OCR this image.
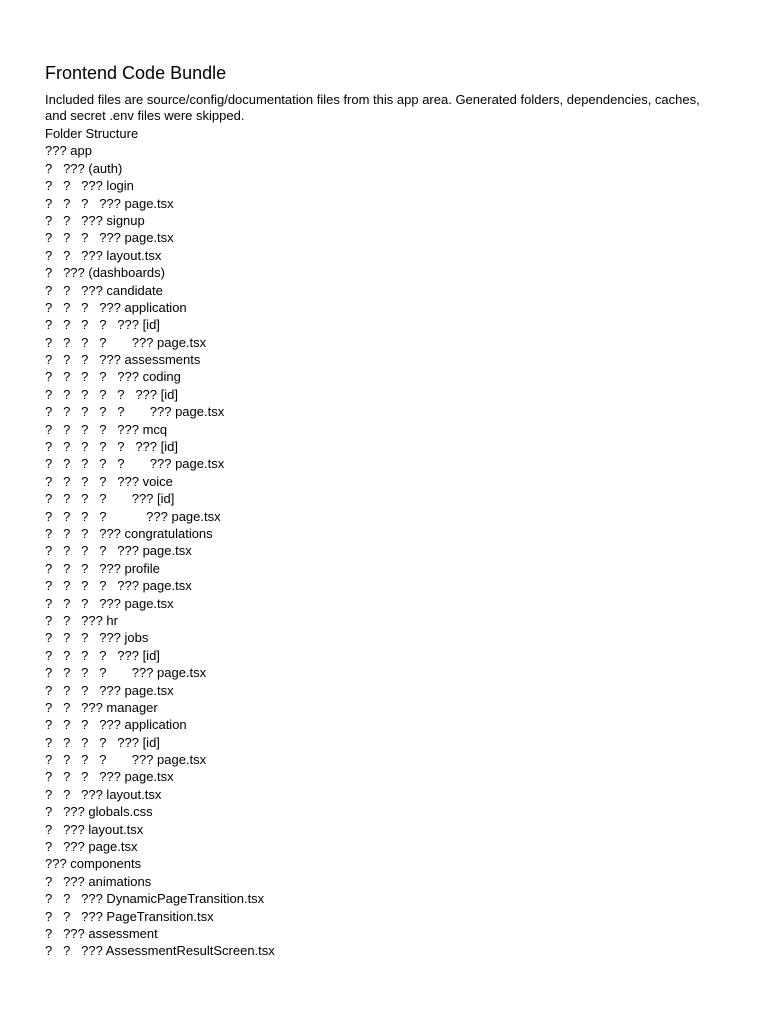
Frontend Code Bundle

Included files are source/config/documentation files from this app area. Generated folders, dependencies, caches, and secret .env files were skipped.

Folder Structure
??? app
?   ??? (auth)
?   ?   ??? login
?   ?   ?   ??? page.tsx
?   ?   ??? signup
?   ?   ?   ??? page.tsx
?   ?   ??? layout.tsx
?   ??? (dashboards)
?   ?   ??? candidate
?   ?   ?   ??? application
?   ?   ?   ?   ??? [id]
?   ?   ?   ?       ??? page.tsx
?   ?   ?   ??? assessments
?   ?   ?   ?   ??? coding
?   ?   ?   ?   ?   ??? [id]
?   ?   ?   ?   ?       ??? page.tsx
?   ?   ?   ?   ??? mcq
?   ?   ?   ?   ?   ??? [id]
?   ?   ?   ?   ?       ??? page.tsx
?   ?   ?   ?   ??? voice
?   ?   ?   ?       ??? [id]
?   ?   ?   ?           ??? page.tsx
?   ?   ?   ??? congratulations
?   ?   ?   ?   ??? page.tsx
?   ?   ?   ??? profile
?   ?   ?   ?   ??? page.tsx
?   ?   ?   ??? page.tsx
?   ?   ??? hr
?   ?   ?   ??? jobs
?   ?   ?   ?   ??? [id]
?   ?   ?   ?       ??? page.tsx
?   ?   ?   ??? page.tsx
?   ?   ??? manager
?   ?   ?   ??? application
?   ?   ?   ?   ??? [id]
?   ?   ?   ?       ??? page.tsx
?   ?   ?   ??? page.tsx
?   ?   ??? layout.tsx
?   ??? globals.css
?   ??? layout.tsx
?   ??? page.tsx
??? components
?   ??? animations
?   ?   ??? DynamicPageTransition.tsx
?   ?   ??? PageTransition.tsx
?   ??? assessment
?   ?   ??? AssessmentResultScreen.tsx
